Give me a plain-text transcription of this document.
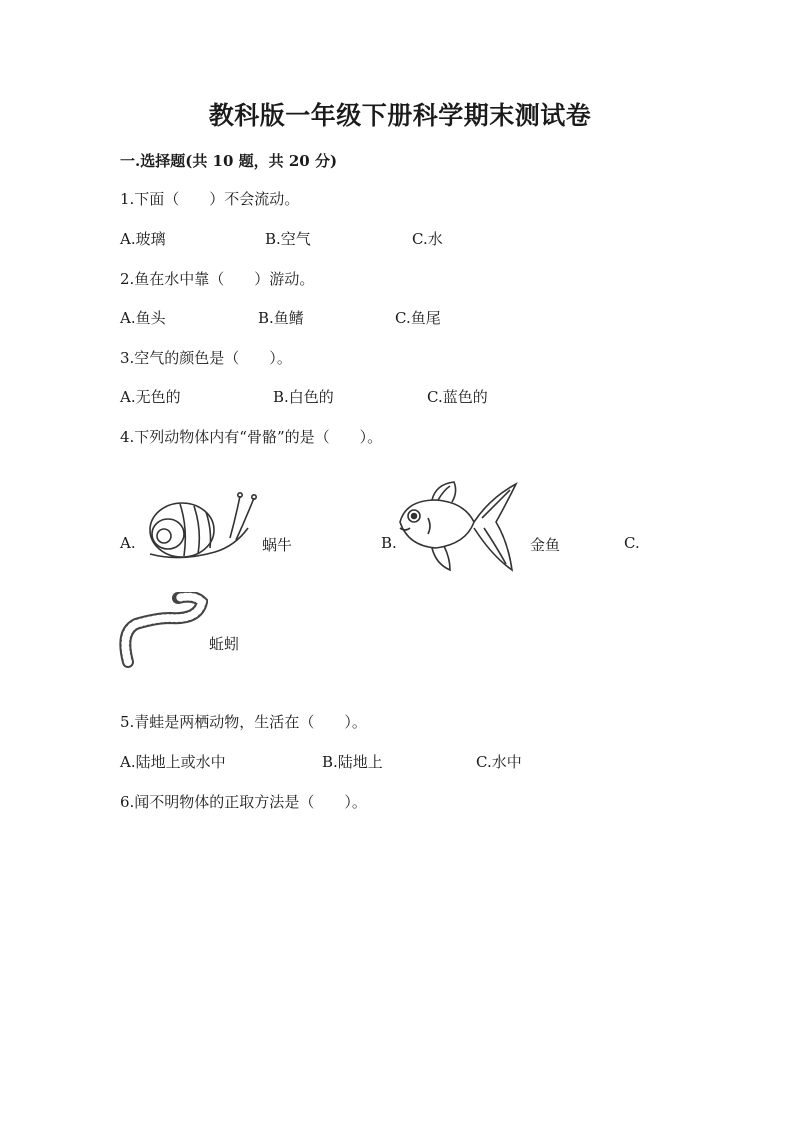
教科版一年级下册科学期末测试卷
一.选择题(共 10 题，共 20 分)
1.下面（　　）不会流动。
A.玻璃	B.空气	C.水
2.鱼在水中靠（　　）游动。
A.鱼头	B.鱼鳍	C.鱼尾
3.空气的颜色是（　　）。
A.无色的	B.白色的	C.蓝色的
4.下列动物体内有“骨骼”的是（　　）。
A.	蜗牛	B.	金鱼	C.
蚯蚓
5.青蛙是两栖动物，生活在（　　）。
A.陆地上或水中	B.陆地上	C.水中
6.闻不明物体的正取方法是（　　）。
